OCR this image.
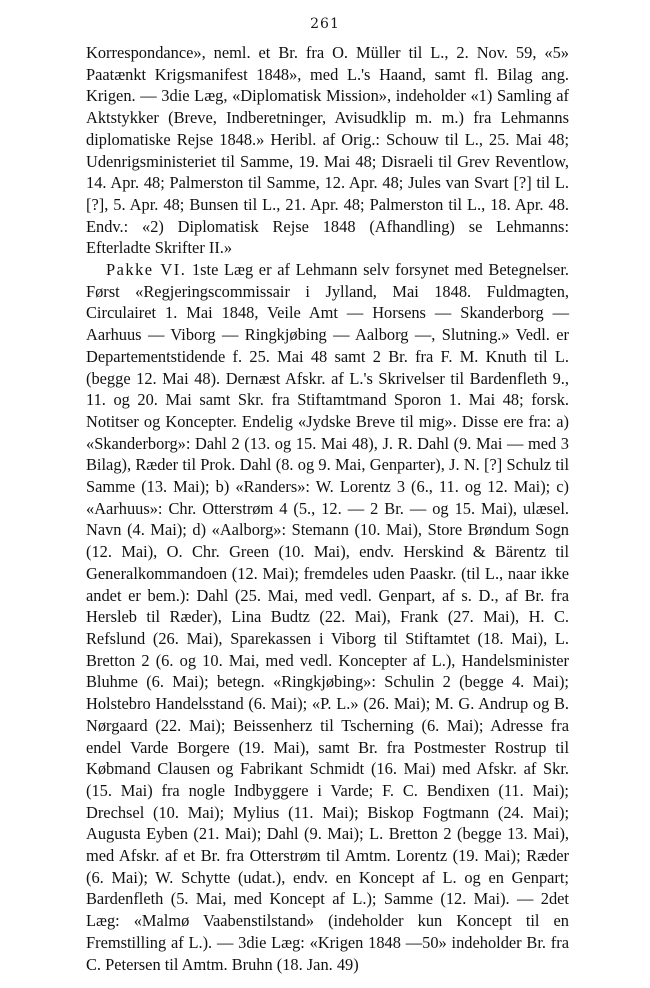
261

Korrespondance», neml. et Br. fra O. Müller til L., 2. Nov. 59, «5» Paatænkt Krigsmanifest 1848», med L.'s Haand, samt fl. Bilag ang. Krigen. — 3die Læg, «Diplomatisk Mission», indeholder «1) Samling af Aktstykker (Breve, Indberetninger, Avisudklip m. m.) fra Lehmanns diplomatiske Rejse 1848.» Heribl. af Orig.: Schouw til L., 25. Mai 48; Udenrigsministeriet til Samme, 19. Mai 48; Disraeli til Grev Reventlow, 14. Apr. 48; Palmerston til Samme, 12. Apr. 48; Jules van Svart [?] til L. [?], 5. Apr. 48; Bunsen til L., 21. Apr. 48; Palmerston til L., 18. Apr. 48. Endv.: «2) Diplomatisk Rejse 1848 (Afhandling) se Lehmanns: Efterladte Skrifter II.»

Pakke VI. 1ste Læg er af Lehmann selv forsynet med Betegnelser. Først «Regjeringscommissair i Jylland, Mai 1848. Fuldmagten, Circulairet 1. Mai 1848, Veile Amt — Horsens — Skanderborg — Aarhuus — Viborg — Ringkjøbing — Aalborg —, Slutning.» Vedl. er Departementstidende f. 25. Mai 48 samt 2 Br. fra F. M. Knuth til L. (begge 12. Mai 48). Dernæst Afskr. af L.'s Skrivelser til Bardenfleth 9., 11. og 20. Mai samt Skr. fra Stiftamtmand Sporon 1. Mai 48; forsk. Notitser og Koncepter. Endelig «Jydske Breve til mig». Disse ere fra: a) «Skanderborg»: Dahl 2 (13. og 15. Mai 48), J. R. Dahl (9. Mai — med 3 Bilag), Ræder til Prok. Dahl (8. og 9. Mai, Genparter), J. N. [?] Schulz til Samme (13. Mai); b) «Randers»: W. Lorentz 3 (6., 11. og 12. Mai); c) «Aarhuus»: Chr. Otterstrøm 4 (5., 12. — 2 Br. — og 15. Mai), ulæsel. Navn (4. Mai); d) «Aalborg»: Stemann (10. Mai), Store Brøndum Sogn (12. Mai), O. Chr. Green (10. Mai), endv. Herskind & Bärentz til Generalkommandoen (12. Mai); fremdeles uden Paaskr. (til L., naar ikke andet er bem.): Dahl (25. Mai, med vedl. Genpart, af s. D., af Br. fra Hersleb til Ræder), Lina Budtz (22. Mai), Frank (27. Mai), H. C. Refslund (26. Mai), Sparekassen i Viborg til Stiftamtet (18. Mai), L. Bretton 2 (6. og 10. Mai, med vedl. Koncepter af L.), Handelsminister Bluhme (6. Mai); betegn. «Ringkjøbing»: Schulin 2 (begge 4. Mai); Holstebro Handelsstand (6. Mai); «P. L.» (26. Mai); M. G. Andrup og B. Nørgaard (22. Mai); Beissenherz til Tscherning (6. Mai); Adresse fra endel Varde Borgere (19. Mai), samt Br. fra Postmester Rostrup til Købmand Clausen og Fabrikant Schmidt (16. Mai) med Afskr. af Skr. (15. Mai) fra nogle Indbyggere i Varde; F. C. Bendixen (11. Mai); Drechsel (10. Mai); Mylius (11. Mai); Biskop Fogtmann (24. Mai); Augusta Eyben (21. Mai); Dahl (9. Mai); L. Bretton 2 (begge 13. Mai), med Afskr. af et Br. fra Otterstrøm til Amtm. Lorentz (19. Mai); Ræder (6. Mai); W. Schytte (udat.), endv. en Koncept af L. og en Genpart; Bardenfleth (5. Mai, med Koncept af L.); Samme (12. Mai). — 2det Læg: «Malmø Vaabenstilstand» (indeholder kun Koncept til en Fremstilling af L.). — 3die Læg: «Krigen 1848 —50» indeholder Br. fra C. Petersen til Amtm. Bruhn (18. Jan. 49)
